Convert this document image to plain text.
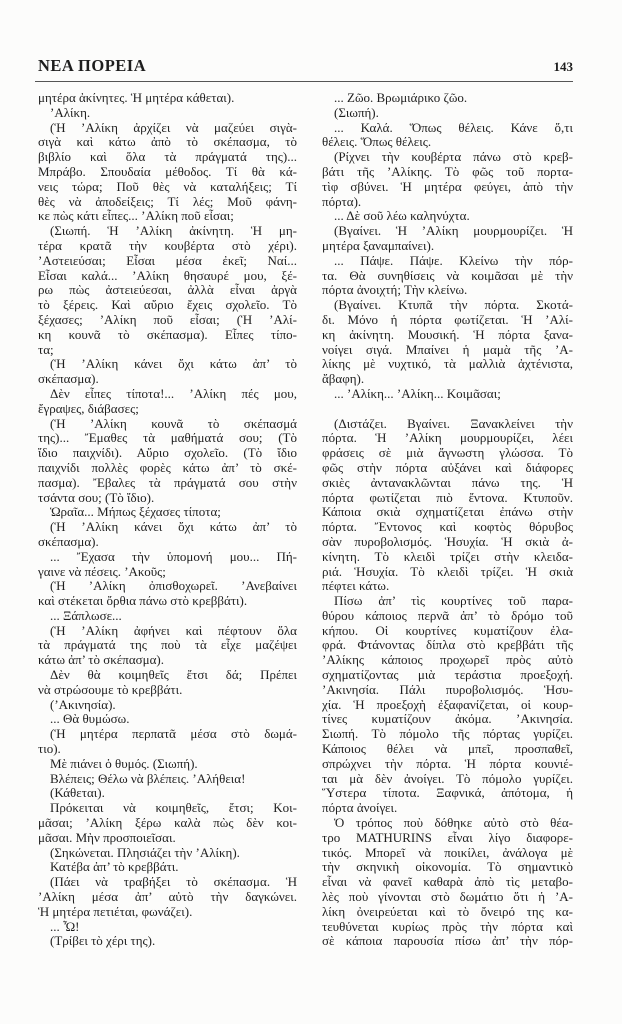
ΝΕΑ ΠΟΡΕΙΑ	143
μητέρα ἀκίνητες. Ἡ μητέρα κάθεται).
’Αλίκη.
(Ἡ ’Αλίκη ἀρχίζει νὰ μαζεύει σιγὰ-
σιγὰ καὶ κάτω ἀπὸ τὸ σκέπασμα, τὸ
βιβλίο καὶ ὅλα τὰ πράγματά της)...
Μπράβο. Σπουδαία μέθοδος. Τί θὰ κά-
νεις τώρα; Ποῦ θὲς νὰ καταλήξεις; Τί
θὲς νὰ ἀποδείξεις; Τί λές; Μοῦ φάνη-
κε πὼς κάτι εἶπες... ’Αλίκη ποῦ εἶσαι;
(Σιωπή. Ἡ ’Αλίκη ἀκίνητη. Ἡ μη-
τέρα κρατᾶ τὴν κουβέρτα στὸ χέρι).
’Αστειεύσαι; Εἶσαι μέσα ἐκεῖ; Ναί...
Εἶσαι καλά... ’Αλίκη θησαυρέ μου, ξέ-
ρω πὼς ἀστειεύεσαι, ἀλλὰ εἶναι ἀργὰ
τὸ ξέρεις. Καὶ αὔριο ἔχεις σχολεῖο. Τὸ
ξέχασες; ’Αλίκη ποῦ εἶσαι; (Ἡ ’Αλί-
κη κουνᾶ τὸ σκέπασμα). Εἶπες τίπο-
τα;
(Ἡ ’Αλίκη κάνει ὄχι κάτω ἀπ’ τὸ
σκέπασμα).
Δὲν εἶπες τίποτα!... ’Αλίκη πές μου,
ἔγραψες, διάβασες;
(Ἡ ’Αλίκη κουνᾶ τὸ σκέπασμά
της)... Ἔμαθες τὰ μαθήματά σου; (Τὸ
ἴδιο παιχνίδι). Αὔριο σχολεῖο. (Τὸ ἴδιο
παιχνίδι πολλὲς φορὲς κάτω ἀπ’ τὸ σκέ-
πασμα). Ἔβαλες τὰ πράγματά σου στὴν
τσάντα σου; (Τὸ ἴδιο).
Ὡραῖα... Μήπως ξέχασες τίποτα;
(Ἡ ’Αλίκη κάνει ὄχι κάτω ἀπ’ τὸ
σκέπασμα).
... Ἔχασα τὴν ὑπομονή μου... Πή-
γαινε νὰ πέσεις. ’Ακοῦς;
(Ἡ ’Αλίκη ὀπισθοχωρεῖ. ’Ανεβαίνει
καὶ στέκεται ὄρθια πάνω στὸ κρεββάτι).
... Ξάπλωσε...
(Ἡ ’Αλίκη ἀφήνει καὶ πέφτουν ὅλα
τὰ πράγματά της ποὺ τὰ εἶχε μαζέψει
κάτω ἀπ’ τὸ σκέπασμα).
Δὲν θὰ κοιμηθεῖς ἔτσι δά; Πρέπει
νὰ στρώσουμε τὸ κρεββάτι.
(’Ακινησία).
... Θὰ θυμώσω.
(Ἡ μητέρα περπατᾶ μέσα στὸ δωμά-
τιο).
Μὲ πιάνει ὁ θυμός. (Σιωπή).
Βλέπεις; Θέλω νὰ βλέπεις. ’Αλήθεια!
(Κάθεται).
Πρόκειται νὰ κοιμηθεῖς, ἔτσι; Κοι-
μᾶσαι; ’Αλίκη ξέρω καλὰ πὼς δὲν κοι-
μᾶσαι. Μὴν προσποιεῖσαι.
(Σηκώνεται. Πλησιάζει τὴν ’Αλίκη).
Κατέβα ἀπ’ τὸ κρεββάτι.
(Πάει νὰ τραβήξει τὸ σκέπασμα. Ἡ
’Αλίκη μέσα ἀπ’ αὐτὸ τὴν δαγκώνει.
Ἡ μητέρα πετιέται, φωνάζει).
... Ὦ!
(Τρίβει τὸ χέρι της).
... Ζῶο. Βρωμιάρικο ζῶο.
(Σιωπή).
... Καλά. Ὅπως θέλεις. Κάνε ὅ,τι
θέλεις. Ὅπως θέλεις.
(Ρίχνει τὴν κουβέρτα πάνω στὸ κρεβ-
βάτι τῆς ’Αλίκης. Τὸ φῶς τοῦ πορτα-
τὶφ σβύνει. Ἡ μητέρα φεύγει, ἀπὸ τὴν
πόρτα).
... Δὲ σοῦ λέω καληνύχτα.
(Βγαίνει. Ἡ ’Αλίκη μουρμουρίζει. Ἡ
μητέρα ξαναμπαίνει).
... Πάψε. Πάψε. Κλείνω τὴν πόρ-
τα. Θὰ συνηθίσεις νὰ κοιμᾶσαι μὲ τὴν
πόρτα ἀνοιχτή; Τὴν κλείνω.
(Βγαίνει. Κτυπᾶ τὴν πόρτα. Σκοτά-
δι. Μόνο ἡ πόρτα φωτίζεται. Ἡ ’Αλί-
κη ἀκίνητη. Μουσική. Ἡ πόρτα ξανα-
νοίγει σιγά. Μπαίνει ἡ μαμὰ τῆς ’Α-
λίκης μὲ νυχτικό, τὰ μαλλιὰ ἀχτένιστα,
ἄβαφη).
... ’Αλίκη... ’Αλίκη... Κοιμᾶσαι;
(Διστάζει. Βγαίνει. Ξανακλείνει τὴν
πόρτα. Ἡ ’Αλίκη μουρμουρίζει, λέει
φράσεις σὲ μιὰ ἄγνωστη γλώσσα. Τὸ
φῶς στὴν πόρτα αὐξάνει καὶ διάφορες
σκιὲς ἀντανακλῶνται πάνω της. Ἡ
πόρτα φωτίζεται πιὸ ἔντονα. Κτυποῦν.
Κάποια σκιὰ σχηματίζεται ἐπάνω στὴν
πόρτα. Ἔντονος καὶ κοφτὸς θόρυβος
σὰν πυροβολισμός. Ἡσυχία. Ἡ σκιὰ ἀ-
κίνητη. Τὸ κλειδὶ τρίζει στὴν κλειδα-
ριά. Ἡσυχία. Τὸ κλειδὶ τρίζει. Ἡ σκιὰ
πέφτει κάτω.
Πίσω ἀπ’ τὶς κουρτίνες τοῦ παρα-
θύρου κάποιος περνᾶ ἀπ’ τὸ δρόμο τοῦ
κήπου. Οἱ κουρτίνες κυματίζουν ἐλα-
φρά. Φτάνοντας δίπλα στὸ κρεββάτι τῆς
’Αλίκης κάποιος προχωρεῖ πρὸς αὐτὸ
σχηματίζοντας μιὰ τεράστια προεξοχή.
’Ακινησία. Πάλι πυροβολισμός. Ἡσυ-
χία. Ἡ προεξοχὴ ἐξαφανίζεται, οἱ κουρ-
τίνες κυματίζουν ἀκόμα. ’Ακινησία.
Σιωπή. Τὸ πόμολο τῆς πόρτας γυρίζει.
Κάποιος θέλει νὰ μπεῖ, προσπαθεῖ,
σπρώχνει τὴν πόρτα. Ἡ πόρτα κουνιέ-
ται μὰ δὲν ἀνοίγει. Τὸ πόμολο γυρίζει.
Ὕστερα τίποτα. Ξαφνικά, ἀπότομα, ἡ
πόρτα ἀνοίγει.
Ὁ τρόπος ποὺ δόθηκε αὐτὸ στὸ θέα-
τρο MATHURINS εἶναι λίγο διαφορε-
τικός. Μπορεῖ νὰ ποικίλει, ἀνάλογα μὲ
τὴν σκηνικὴ οἰκονομία. Τὸ σημαντικὸ
εἶναι νὰ φανεῖ καθαρὰ ἀπὸ τὶς μεταβο-
λὲς ποὺ γίνονται στὸ δωμάτιο ὅτι ἡ ’Α-
λίκη ὀνειρεύεται καὶ τὸ ὄνειρό της κα-
τευθύνεται κυρίως πρὸς τὴν πόρτα καὶ
σὲ κάποια παρουσία πίσω ἀπ’ τὴν πόρ-
